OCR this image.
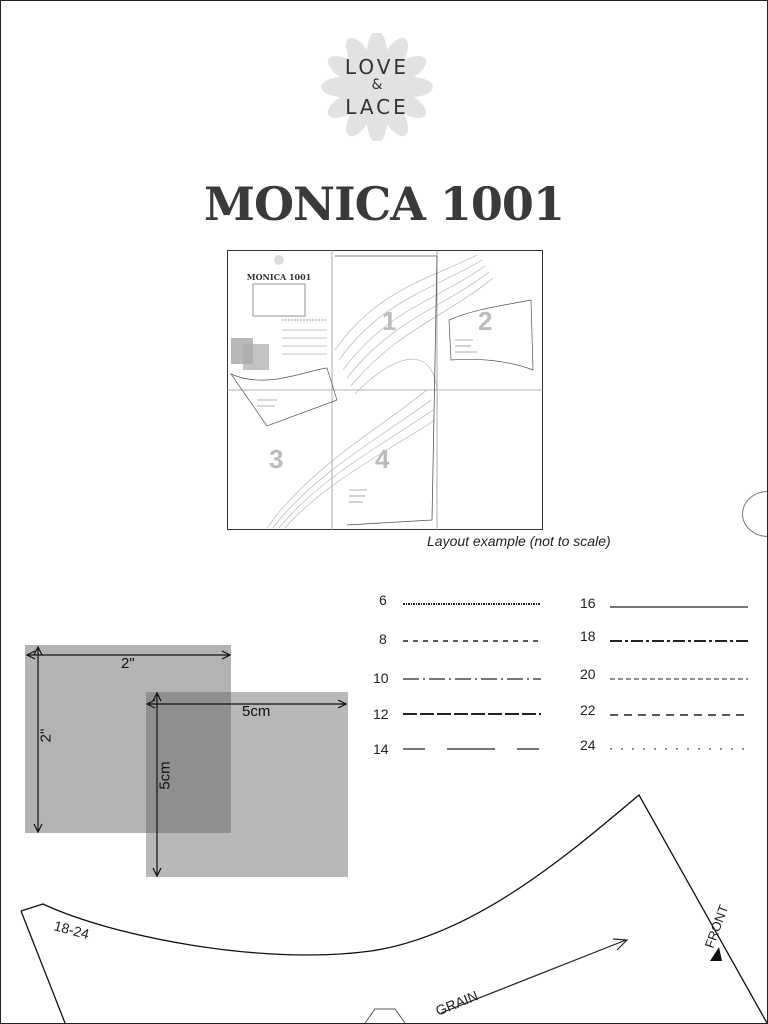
LOVE
&
LACE
MONICA 1001
MONICA 1001
1	2
3	4
Layout example (not to scale)
6
8
10
12
14
16
18
20
22
24
2"
2"
5cm
5cm
18-24
GRAIN
FRONT
